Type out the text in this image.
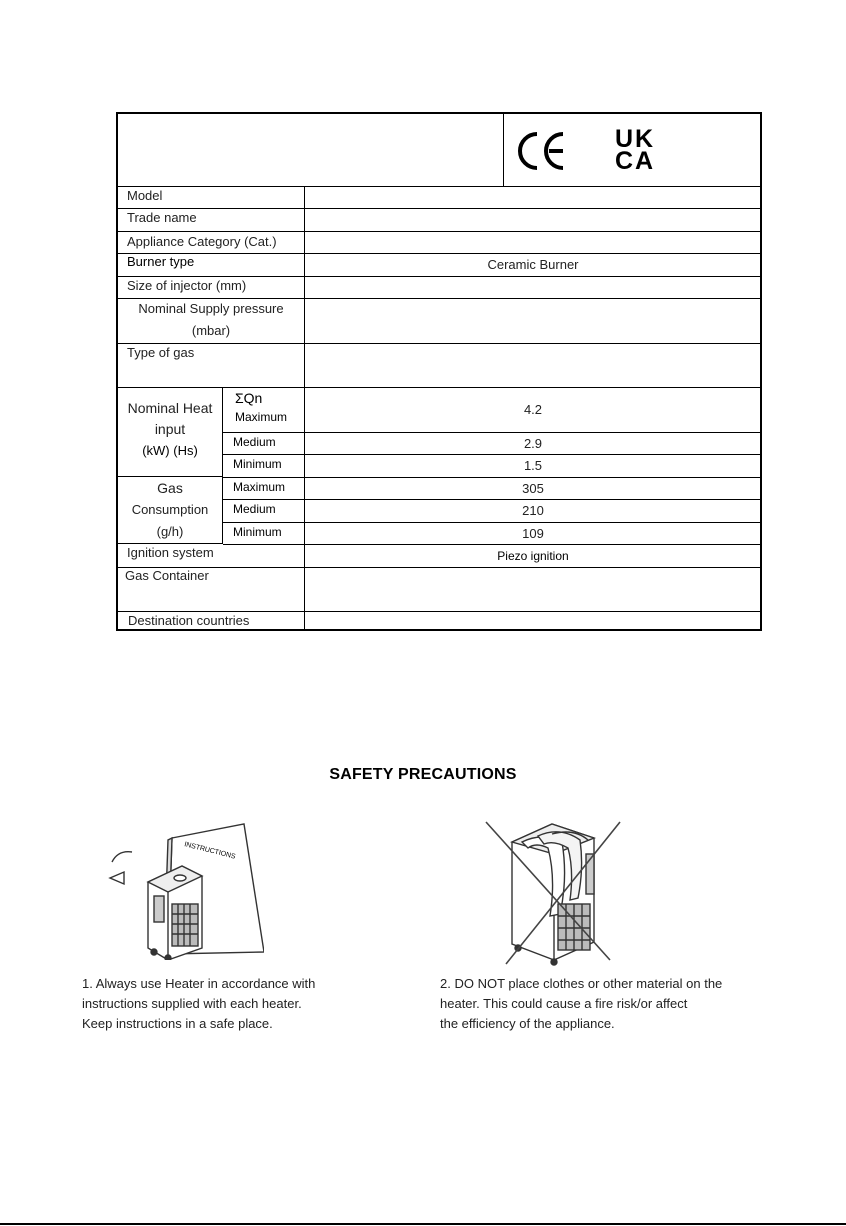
UK
CA
Model
Trade name
Appliance Category (Cat.)
Burner type	Ceramic Burner
Size of injector (mm)
Nominal Supply pressure
(mbar)
Type of gas
Nominal Heat
input
(kW) (Hs)
ΣQn
Maximum	4.2
Medium	2.9
Minimum	1.5
Gas
Consumption
(g/h)
Maximum	305
Medium	210
Minimum	109
Ignition system	Piezo ignition
Gas Container
Destination countries
SAFETY PRECAUTIONS
INSTRUCTIONS
1. Always use Heater in accordance with
instructions supplied with each heater.
Keep instructions in a safe place.
2. DO NOT place clothes or other material on the
heater. This could cause a fire risk/or affect
the efficiency of the appliance.
